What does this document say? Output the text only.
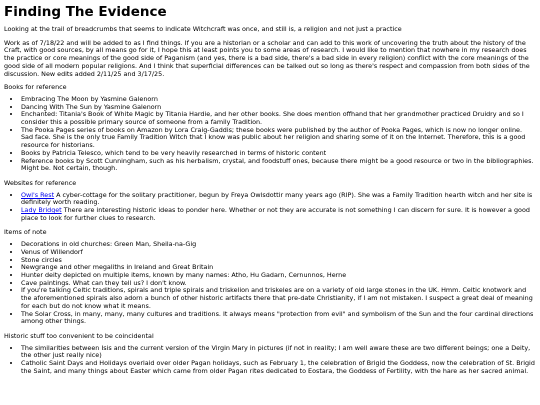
Finding The Evidence

Looking at the trail of breadcrumbs that seems to indicate Witchcraft was once, and still is, a religion and not just a practice

Work as of 7/18/22 and will be added to as I find things. If you are a historian or a scholar and can add to this work of uncovering the truth about the history of the Craft, with good sources, by all means go for it, I hope this at least points you to some areas of research. I would like to mention that nowhere in my research does the practice or core meanings of the good side of Paganism (and yes, there is a bad side, there's a bad side in every religion) conflict with the core meanings of the good side of all modern popular religions. And I think that superficial differences can be talked out so long as there's respect and compassion from both sides of the discussion. New edits added 2/11/25 and 3/17/25.

Books for reference

• Embracing The Moon by Yasmine Galenorn
• Dancing With The Sun by Yasmine Galenorn
• Enchanted: Titania's Book of White Magic by Titania Hardie, and her other books. She does mention offhand that her grandmother practiced Druidry and so I consider this a possible primary source of someone from a family Tradition.
• The Pooka Pages series of books on Amazon by Lora Craig-Gaddis; these books were published by the author of Pooka Pages, which is now no longer online. Sad face. She is the only true Family Tradition Witch that I know was public about her religion and sharing some of it on the Internet. Therefore, this is a good resource for historians.
• Books by Patricia Telesco, which tend to be very heavily researched in terms of historic content
• Reference books by Scott Cunningham, such as his herbalism, crystal, and foodstuff ones, because there might be a good resource or two in the bibliographies. Might be. Not certain, though.

Websites for reference

• Owl's Rest A cyber-cottage for the solitary practitioner, begun by Freya Owlsdottir many years ago (RIP). She was a Family Tradition hearth witch and her site is definitely worth reading.
• Lady Bridget There are interesting historic ideas to ponder here. Whether or not they are accurate is not something I can discern for sure. It is however a good place to look for further clues to research.

Items of note

• Decorations in old churches: Green Man, Sheila-na-Gig
• Venus of Willendorf
• Stone circles
• Newgrange and other megaliths in Ireland and Great Britain
• Hunter deity depicted on multiple items, known by many names: Atho, Hu Gadarn, Cernunnos, Herne
• Cave paintings. What can they tell us? I don't know.
• If you're talking Celtic traditions, spirals and triple spirals and triskelion and triskeles are on a variety of old large stones in the UK. Hmm. Celtic knotwork and the aforementioned spirals also adorn a bunch of other historic artifacts there that pre-date Christianity, if I am not mistaken. I suspect a great deal of meaning for each but do not know what it means.
• The Solar Cross, in many, many, many cultures and traditions. It always means "protection from evil" and symbolism of the Sun and the four cardinal directions among other things.

Historic stuff too convenient to be coincidental

• The similarities between Isis and the current version of the Virgin Mary in pictures (if not in reality; I am well aware these are two different beings; one a Deity, the other just really nice)
• Catholic Saint Days and Holidays overlaid over older Pagan holidays, such as February 1, the celebration of Brigid the Goddess, now the celebration of St. Brigid the Saint, and many things about Easter which came from older Pagan rites dedicated to Eostara, the Goddess of Fertility, with the hare as her sacred animal.
